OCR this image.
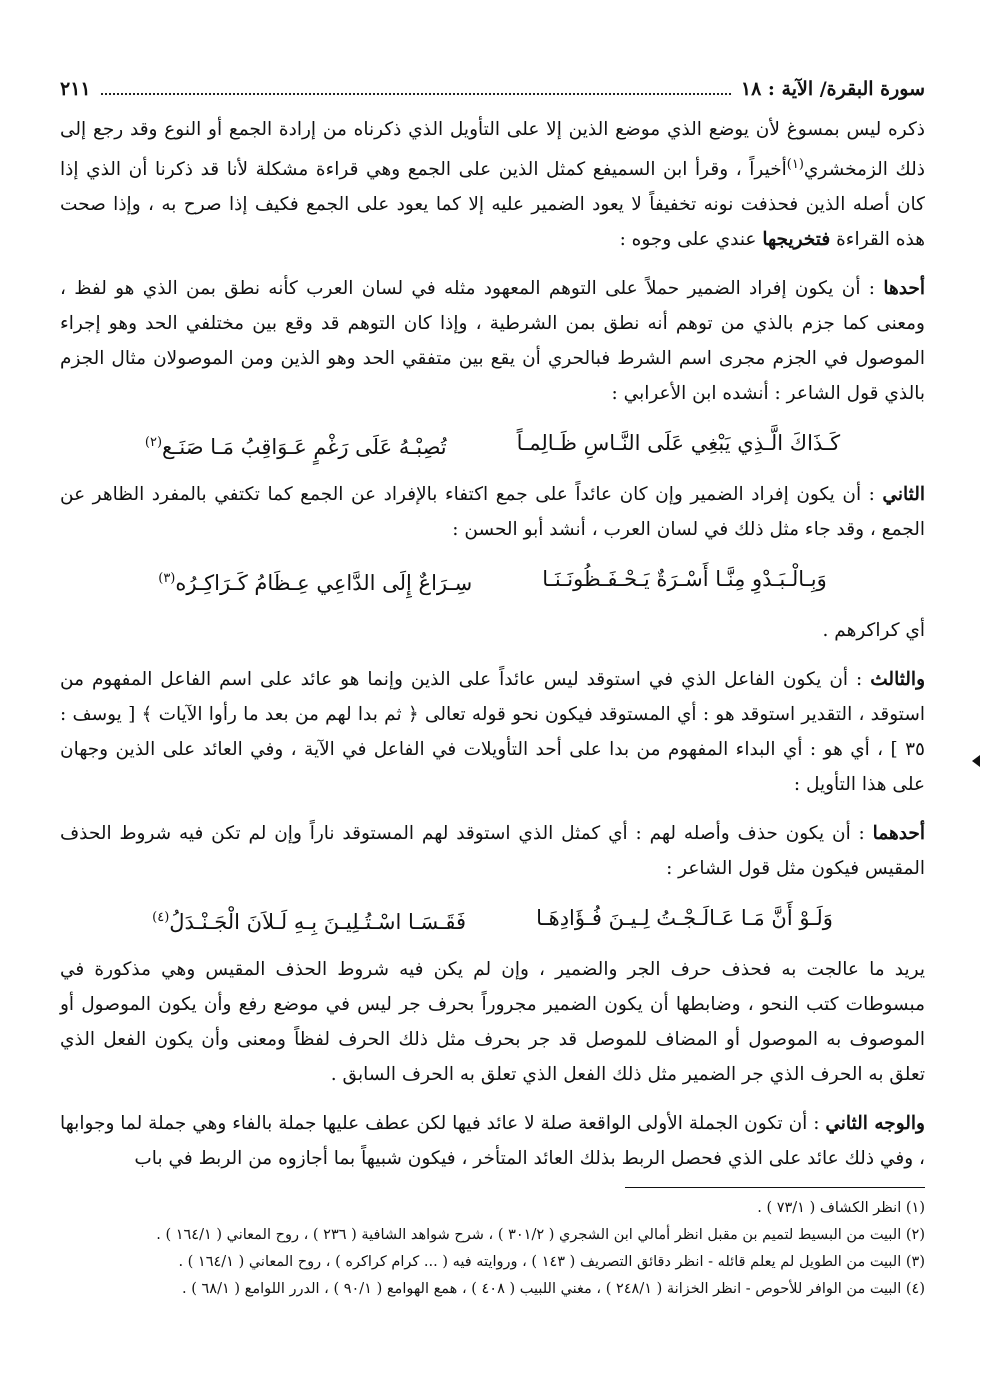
سورة البقرة/ الآية : ١٨
٢١١

ذكره ليس بمسوغ لأن يوضع الذي موضع الذين إلا على التأويل الذي ذكرناه من إرادة الجمع أو النوع وقد رجع إلى ذلك الزمخشري$^{(١)}$أخيراً ، وقرأ ابن السميفع كمثل الذين على الجمع وهي قراءة مشكلة لأنا قد ذكرنا أن الذي إذا كان أصله الذين فحذفت نونه تخفيفاً لا يعود الضمير عليه إلا كما يعود على الجمع فكيف إذا صرح به ، وإذا صحت هذه القراءة فتخريجها عندي على وجوه :

أحدها : أن يكون إفراد الضمير حملاً على التوهم المعهود مثله في لسان العرب كأنه نطق بمن الذي هو لفظ ، ومعنى كما جزم بالذي من توهم أنه نطق بمن الشرطية ، وإذا كان التوهم قد وقع بين مختلفي الحد وهو إجراء الموصول في الجزم مجرى اسم الشرط فبالحري أن يقع بين متفقي الحد وهو الذين ومن الموصولان مثال الجزم بالذي قول الشاعر : أنشده ابن الأعرابي :

كَـذَاكَ الَّـذِي يَبْغِي عَلَى النَّـاسِ ظَـالِمـاً
تُصِبْـهُ عَلَى رَغْمٍ عَـوَاقِبُ مَـا صَنَـع$^{(٢)}$

الثاني : أن يكون إفراد الضمير وإن كان عائداً على جمع اكتفاء بالإفراد عن الجمع كما تكتفي بالمفرد الظاهر عن الجمع ، وقد جاء مثل ذلك في لسان العرب ، أنشد أبو الحسن :

وَبِـالْـبَـدْوِ مِنَّـا أَسْـرَةٌ يَـحْـفَـظُونَـنَـا
سِـرَاعٌ إِلَى الدَّاعِي عِـظَامُ كَـرَاكِـرُه$^{(٣)}$

أي كراكرهم .

والثالث : أن يكون الفاعل الذي في استوقد ليس عائداً على الذين وإنما هو عائد على اسم الفاعل المفهوم من استوقد ، التقدير استوقد هو : أي المستوقد فيكون نحو قوله تعالى ﴿ ثم بدا لهم من بعد ما رأوا الآيات ﴾ [ يوسف : ٣٥ ] ، أي هو : أي البداء المفهوم من بدا على أحد التأويلات في الفاعل في الآية ، وفي العائد على الذين وجهان على هذا التأويل :

أحدهما : أن يكون حذف وأصله لهم : أي كمثل الذي استوقد لهم المستوقد ناراً وإن لم تكن فيه شروط الحذف المقيس فيكون مثل قول الشاعر :

وَلَـوْ أَنَّ مَـا عَـالَـجْـتُ لِـيـنَ فُـؤَادِهَـا
فَقَـسَـا اسْـتُـلِيـنَ بِـهِ لَـلاَنَ الْجَـنْـدَلُ$^{(٤)}$

يريد ما عالجت به فحذف حرف الجر والضمير ، وإن لم يكن فيه شروط الحذف المقيس وهي مذكورة في مبسوطات كتب النحو ، وضابطها أن يكون الضمير مجروراً بحرف جر ليس في موضع رفع وأن يكون الموصول أو الموصوف به الموصول أو المضاف للموصل قد جر بحرف مثل ذلك الحرف لفظاً ومعنى وأن يكون الفعل الذي تعلق به الحرف الذي جر الضمير مثل ذلك الفعل الذي تعلق به الحرف السابق .

والوجه الثاني : أن تكون الجملة الأولى الواقعة صلة لا عائد فيها لكن عطف عليها جملة بالفاء وهي جملة لما وجوابها ، وفي ذلك عائد على الذي فحصل الربط بذلك العائد المتأخر ، فيكون شبيهاً بما أجازوه من الربط في باب

(١) انظر الكشاف ( ٧٣/١ ) .
(٢) البيت من البسيط لتميم بن مقبل انظر أمالي ابن الشجري ( ٣٠١/٢ ) ، شرح شواهد الشافية ( ٢٣٦ ) ، روح المعاني ( ١٦٤/١ ) .
(٣) البيت من الطويل لم يعلم قائله - انظر دقائق التصريف ( ١٤٣ ) ، وروايته فيه ( ... كرام كراكره ) ، روح المعاني ( ١٦٤/١ ) .
(٤) البيت من الوافر للأحوص - انظر الخزانة ( ٢٤٨/١ ) ، مغني اللبيب ( ٤٠٨ ) ، همع الهوامع ( ٩٠/١ ) ، الدرر اللوامع ( ٦٨/١ ) .
